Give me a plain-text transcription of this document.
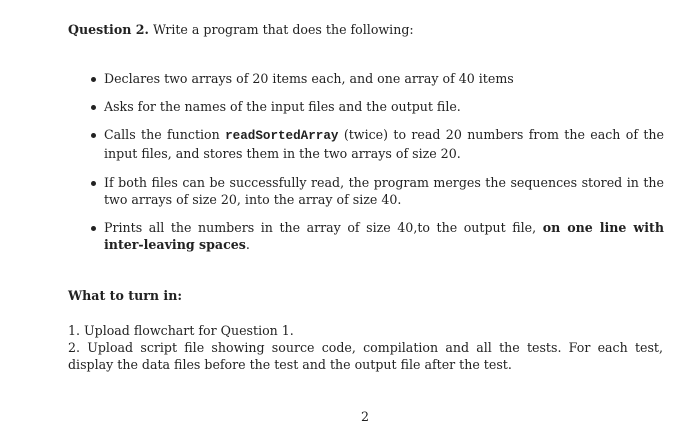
Question 2. Write a program that does the following:
Declares two arrays of 20 items each, and one array of 40 items
Asks for the names of the input files and the output file.
Calls the function readSortedArray (twice) to read 20 numbers from the each of the input files, and stores them in the two arrays of size 20.
If both files can be successfully read, the program merges the sequences stored in the two arrays of size 20, into the array of size 40.
Prints all the numbers in the array of size 40,to the output file, on one line with inter-leaving spaces.
What to turn in:
1. Upload flowchart for Question 1.
2. Upload script file showing source code, compilation and all the tests. For each test, display the data files before the test and the output file after the test.
2
